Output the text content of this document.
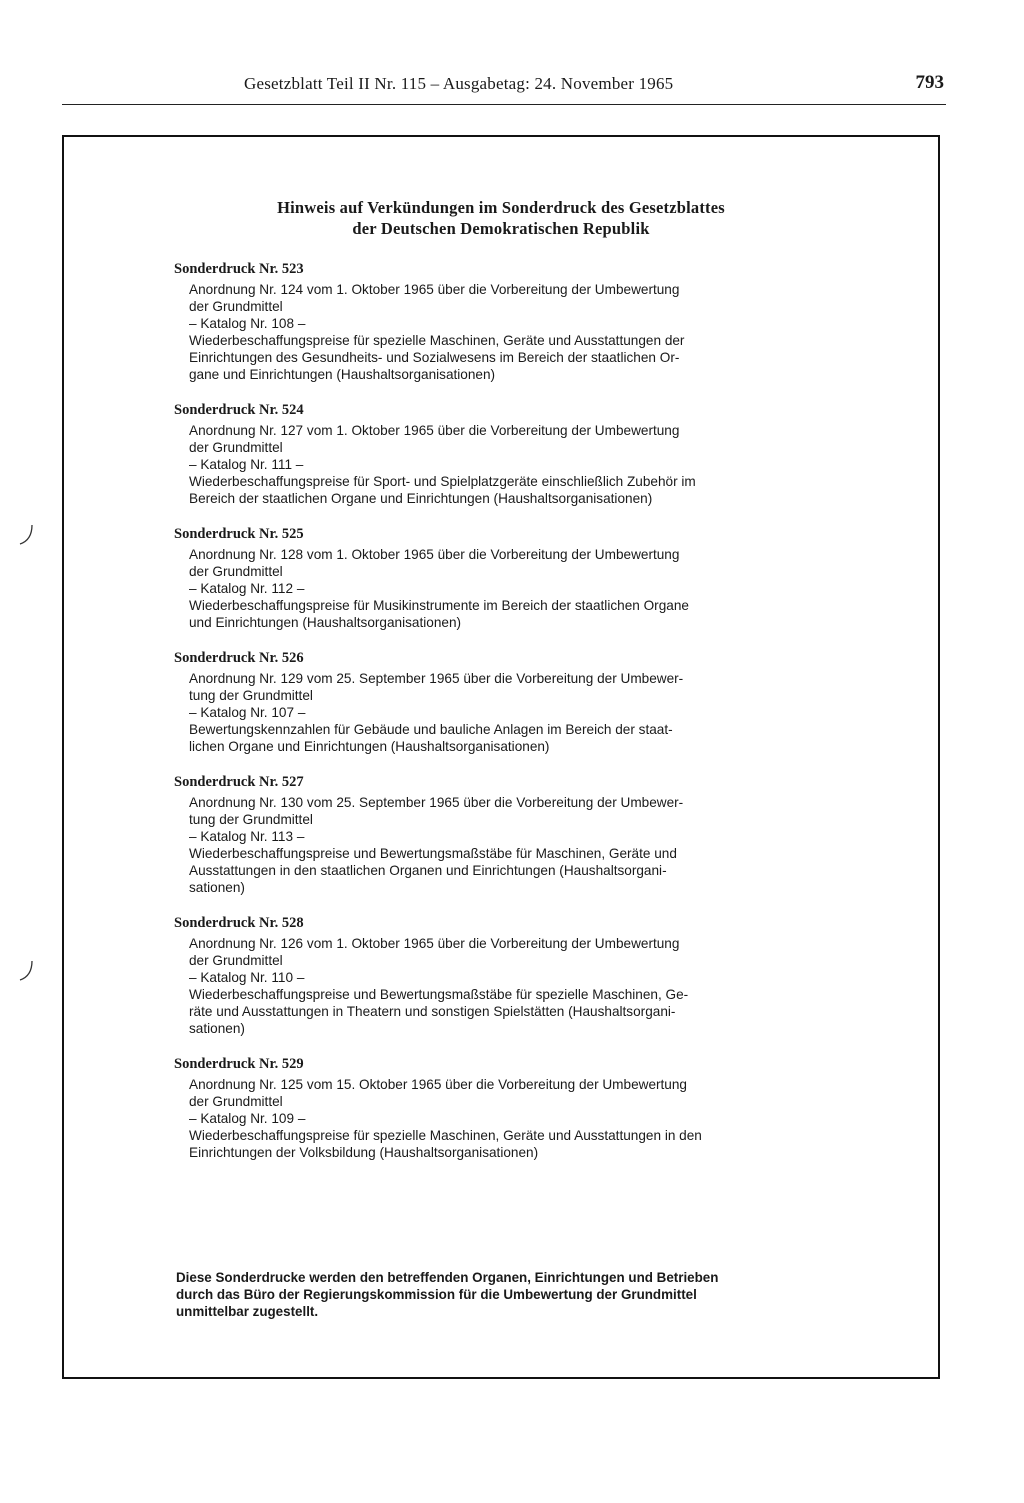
Gesetzblatt Teil II Nr. 115 – Ausgabetag: 24. November 1965	793
Hinweis auf Verkündungen im Sonderdruck des Gesetzblattes
der Deutschen Demokratischen Republik
Sonderdruck Nr. 523
Anordnung Nr. 124 vom 1. Oktober 1965 über die Vorbereitung der Umbewertung
der Grundmittel
– Katalog Nr. 108 –
Wiederbeschaffungspreise für spezielle Maschinen, Geräte und Ausstattungen der
Einrichtungen des Gesundheits- und Sozialwesens im Bereich der staatlichen Or-
gane und Einrichtungen (Haushaltsorganisationen)
Sonderdruck Nr. 524
Anordnung Nr. 127 vom 1. Oktober 1965 über die Vorbereitung der Umbewertung
der Grundmittel
– Katalog Nr. 111 –
Wiederbeschaffungspreise für Sport- und Spielplatzgeräte einschließlich Zubehör im
Bereich der staatlichen Organe und Einrichtungen (Haushaltsorganisationen)
Sonderdruck Nr. 525
Anordnung Nr. 128 vom 1. Oktober 1965 über die Vorbereitung der Umbewertung
der Grundmittel
– Katalog Nr. 112 –
Wiederbeschaffungspreise für Musikinstrumente im Bereich der staatlichen Organe
und Einrichtungen (Haushaltsorganisationen)
Sonderdruck Nr. 526
Anordnung Nr. 129 vom 25. September 1965 über die Vorbereitung der Umbewer-
tung der Grundmittel
– Katalog Nr. 107 –
Bewertungskennzahlen für Gebäude und bauliche Anlagen im Bereich der staat-
lichen Organe und Einrichtungen (Haushaltsorganisationen)
Sonderdruck Nr. 527
Anordnung Nr. 130 vom 25. September 1965 über die Vorbereitung der Umbewer-
tung der Grundmittel
– Katalog Nr. 113 –
Wiederbeschaffungspreise und Bewertungsmaßstäbe für Maschinen, Geräte und
Ausstattungen in den staatlichen Organen und Einrichtungen (Haushaltsorgani-
sationen)
Sonderdruck Nr. 528
Anordnung Nr. 126 vom 1. Oktober 1965 über die Vorbereitung der Umbewertung
der Grundmittel
– Katalog Nr. 110 –
Wiederbeschaffungspreise und Bewertungsmaßstäbe für spezielle Maschinen, Ge-
räte und Ausstattungen in Theatern und sonstigen Spielstätten (Haushaltsorgani-
sationen)
Sonderdruck Nr. 529
Anordnung Nr. 125 vom 15. Oktober 1965 über die Vorbereitung der Umbewertung
der Grundmittel
– Katalog Nr. 109 –
Wiederbeschaffungspreise für spezielle Maschinen, Geräte und Ausstattungen in den
Einrichtungen der Volksbildung (Haushaltsorganisationen)
Diese Sonderdrucke werden den betreffenden Organen, Einrichtungen und Betrieben
durch das Büro der Regierungskommission für die Umbewertung der Grundmittel
unmittelbar zugestellt.
